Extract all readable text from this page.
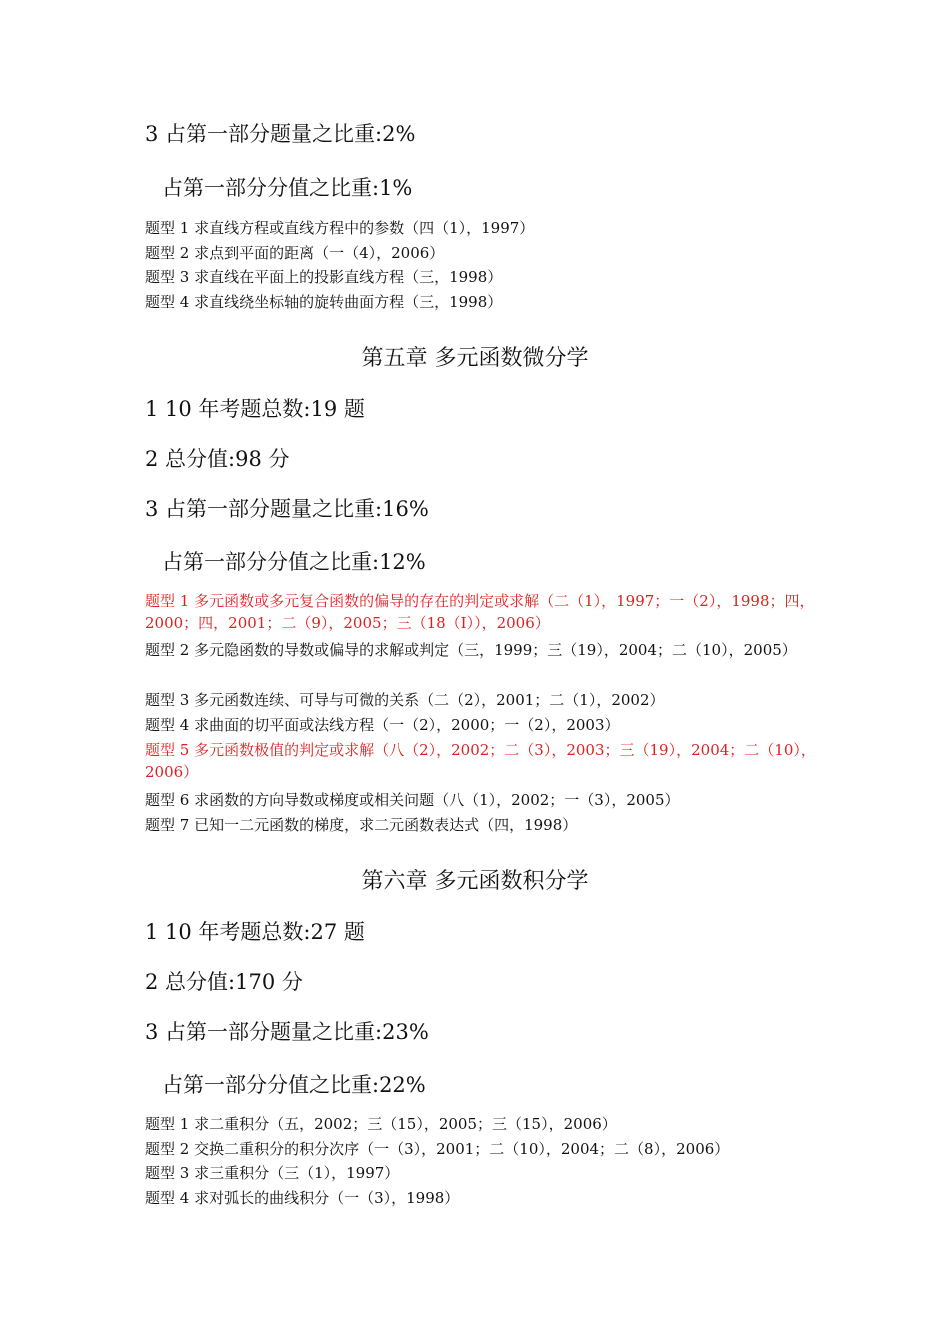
3 占第一部分题量之比重:2%
占第一部分分值之比重:1%
题型 1 求直线方程或直线方程中的参数（四（1），1997）
题型 2 求点到平面的距离（一（4），2006）
题型 3 求直线在平面上的投影直线方程（三，1998）
题型 4 求直线绕坐标轴的旋转曲面方程（三，1998）
第五章 多元函数微分学
1 10 年考题总数:19 题
2 总分值:98 分
3 占第一部分题量之比重:16%
占第一部分分值之比重:12%
题型 1 多元函数或多元复合函数的偏导的存在的判定或求解（二（1），1997；一（2），1998；四，2000；四，2001；二（9），2005；三（18（Ⅰ）），2006）
题型 2 多元隐函数的导数或偏导的求解或判定（三，1999；三（19），2004；二（10），2005）
题型 3 多元函数连续、可导与可微的关系（二（2），2001；二（1），2002）
题型 4 求曲面的切平面或法线方程（一（2），2000；一（2），2003）
题型 5 多元函数极值的判定或求解（八（2），2002；二（3），2003；三（19），2004；二（10），2006）
题型 6 求函数的方向导数或梯度或相关问题（八（1），2002；一（3），2005）
题型 7 已知一二元函数的梯度，求二元函数表达式（四，1998）
第六章 多元函数积分学
1 10 年考题总数:27 题
2 总分值:170 分
3 占第一部分题量之比重:23%
占第一部分分值之比重:22%
题型 1 求二重积分（五，2002；三（15），2005；三（15），2006）
题型 2 交换二重积分的积分次序（一（3），2001；二（10），2004；二（8），2006）
题型 3 求三重积分（三（1），1997）
题型 4 求对弧长的曲线积分（一（3），1998）
